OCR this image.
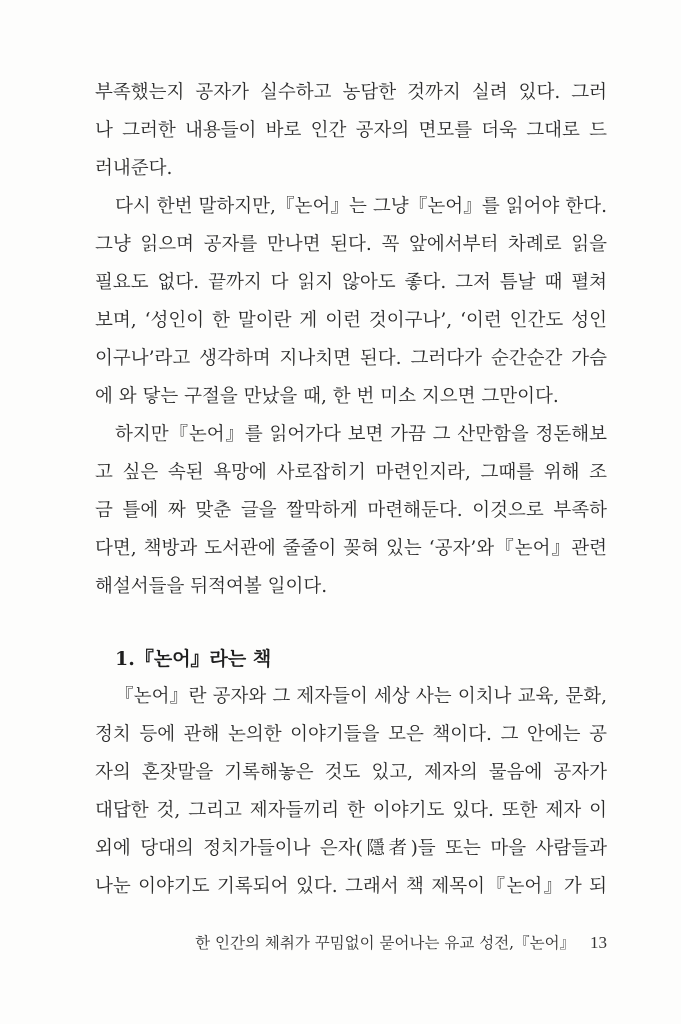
부족했는지 공자가 실수하고 농담한 것까지 실려 있다. 그러
나 그러한 내용들이 바로 인간 공자의 면모를 더욱 그대로 드
러내준다.
다시 한번 말하지만,『논어』는 그냥『논어』를 읽어야 한다.
그냥 읽으며 공자를 만나면 된다. 꼭 앞에서부터 차례로 읽을
필요도 없다. 끝까지 다 읽지 않아도 좋다. 그저 틈날 때 펼쳐
보며, ‘성인이 한 말이란 게 이런 것이구나’, ‘이런 인간도 성인
이구나’라고 생각하며 지나치면 된다. 그러다가 순간순간 가슴
에 와 닿는 구절을 만났을 때, 한 번 미소 지으면 그만이다.
하지만『논어』를 읽어가다 보면 가끔 그 산만함을 정돈해보
고 싶은 속된 욕망에 사로잡히기 마련인지라, 그때를 위해 조
금 틀에 짜 맞춘 글을 짤막하게 마련해둔다. 이것으로 부족하
다면, 책방과 도서관에 줄줄이 꽂혀 있는 ‘공자’와『논어』관련
해설서들을 뒤적여볼 일이다.
1.『논어』라는 책
『논어』란 공자와 그 제자들이 세상 사는 이치나 교육, 문화,
정치 등에 관해 논의한 이야기들을 모은 책이다. 그 안에는 공
자의 혼잣말을 기록해놓은 것도 있고, 제자의 물음에 공자가
대답한 것, 그리고 제자들끼리 한 이야기도 있다. 또한 제자 이
외에 당대의 정치가들이나 은자(隱者)들 또는 마을 사람들과
나눈 이야기도 기록되어 있다. 그래서 책 제목이『논어』가 되
한 인간의 체취가 꾸밈없이 묻어나는 유교 성전,『논어』 13
